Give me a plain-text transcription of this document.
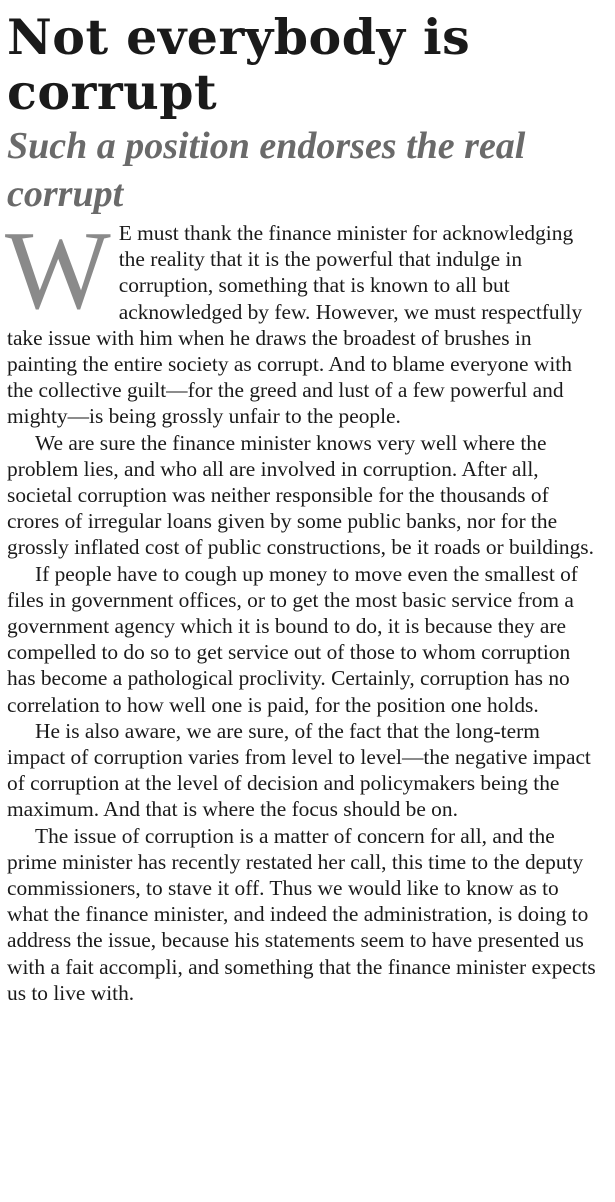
Not everybody is corrupt
Such a position endorses the real corrupt

W E must thank the finance minister for acknowledging the reality that it is the powerful that indulge in corruption, something that is known to all but acknowledged by few. However, we must respectfully take issue with him when he draws the broadest of brushes in painting the entire society as corrupt. And to blame everyone with the collective guilt—for the greed and lust of a few powerful and mighty—is being grossly unfair to the people.

We are sure the finance minister knows very well where the problem lies, and who all are involved in corruption. After all, societal corruption was neither responsible for the thousands of crores of irregular loans given by some public banks, nor for the grossly inflated cost of public constructions, be it roads or buildings.

If people have to cough up money to move even the smallest of files in government offices, or to get the most basic service from a government agency which it is bound to do, it is because they are compelled to do so to get service out of those to whom corruption has become a pathological proclivity. Certainly, corruption has no correlation to how well one is paid, for the position one holds.

He is also aware, we are sure, of the fact that the long-term impact of corruption varies from level to level—the negative impact of corruption at the level of decision and policymakers being the maximum. And that is where the focus should be on.

The issue of corruption is a matter of concern for all, and the prime minister has recently restated her call, this time to the deputy commissioners, to stave it off. Thus we would like to know as to what the finance minister, and indeed the administration, is doing to address the issue, because his statements seem to have presented us with a fait accompli, and something that the finance minister expects us to live with.
